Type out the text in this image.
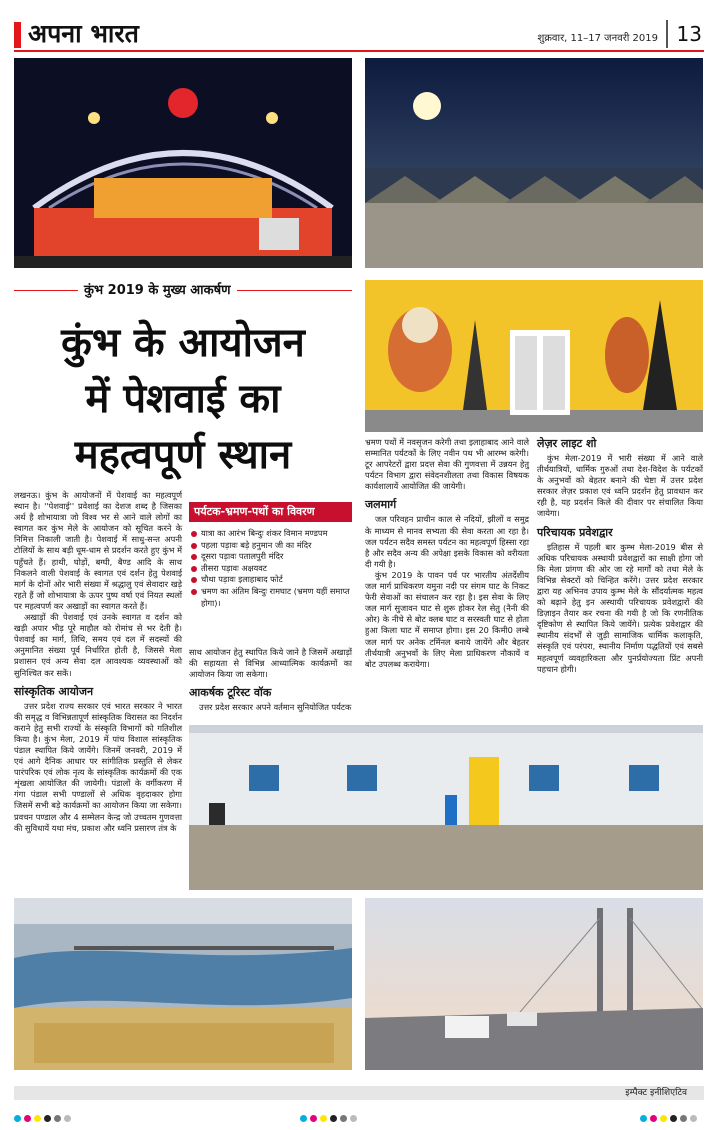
अपना भारत	शुक्रवार, 11–17 जनवरी 2019 13
कुंभ 2019 के मुख्य आकर्षण
कुंभ के आयोजन
में पेशवाई का
महत्वपूर्ण स्थान

लखनऊ। कुंभ के आयोजनों में पेशवाई का महत्वपूर्ण स्थान है। ''पेशवाई'' प्रवेशाई का देशज शब्द है जिसका अर्थ है शोभायात्रा जो विश्व भर से आने वाले लोगों का स्वागत कर कुंभ मेले के आयोजन को सूचित करने के निमित्त निकाली जाती है। पेशवाई में साधु-सन्त अपनी टोलियों के साथ बड़ी धूम-धाम से प्रदर्शन करते हुए कुंभ में पहुँचते हैं। हाथी, घोड़ों, बग्घी, बैण्ड आदि के साथ निकलने वाली पेशवाई के स्वागत एवं दर्शन हेतु पेशवाई मार्ग के दोनों ओर भारी संख्या में श्रद्धालु एवं सेवादार खड़े रहते हैं जो शोभायात्रा के ऊपर पुष्प वर्षा एवं नियत स्थलों पर महत्वपर्ण कर अखाड़ों का स्वागत करते हैं।

अखाड़ों की पेशवाई एवं उनके स्वागत व दर्शन को खड़ी अपार भीड़ पूरे माहौल को रोमांच से भर देती है। पेशवाई का मार्ग, तिथि, समय एवं दल में सदस्यों की अनुमानित संख्या पूर्व निर्धारित होती है, जिससे मेला प्रशासन एवं अन्य सेवा दल आवश्यक व्यवस्थाओं को सुनिश्चित कर सकें।

सांस्कृतिक आयोजन

उत्तर प्रदेश राज्य सरकार एवं भारत सरकार ने भारत की समृद्ध व विभिन्नतापूर्ण सांस्कृतिक विरासत का निदर्शन कराने हेतु सभी राज्यों के संस्कृति विभागों को गतिशील किया है। कुंभ मेला, 2019 में पांच विशाल सांस्कृतिक पंडाल स्थापित किये जायेंगे। जिनमें जनवरी, 2019 में एवं आगे दैनिक आधार पर सांगीतिक प्रस्तुति से लेकर पारंपरिक एवं लोक नृत्य के सांस्कृतिक कार्यक्रमों की एक शृंखला आयोजित की जायेगी। पंडालों के वर्गीकरण में गंगा पंडाल सभी पण्डालों से अधिक वृहदाकार होगा जिसमें सभी बड़े कार्यक्रमों का आयोजन किया जा सकेगा। प्रवचन पण्डाल और 4 सम्मेलन केन्द्र जो उच्चतम गुणवत्ता की सुविधायें यथा मंच, प्रकाश और ध्वनि प्रसारण तंत्र के

पर्यटक-भ्रमण-पथों का विवरण
यात्रा का आरंभ बिन्दुः शंकर विमान मण्डपम
पहला पड़ावः बड़े हनुमान जी का मंदिर
दूसरा पड़ावः पतालपुरी मंदिर
तीसरा पड़ावः अक्षयवट
चौथा पड़ावः इलाहाबाद फोर्ट
भ्रमण का अंतिम बिन्दुः रामघाट (भ्रमण यहीं समाप्त होगा)।

साथ आयोजन हेतु स्थापित किये जाने है जिसमें अखाड़ों की सहायता से विभिन्न आध्यात्मिक कार्यक्रमों का आयोजन किया जा सकेगा।

आकर्षक टूरिस्ट वॉक

उत्तर प्रदेश सरकार अपने वर्तमान सुनियोजित पर्यटक

भ्रमण पथों में नवसृजन करेगी तथा इलाहाबाद आने वाले सम्मानित पर्यटकों के लिए नवीन पथ भी आरम्भ करेगी। टूर आपरेटरों द्वारा प्रदत्त सेवा की गुणवत्ता में उन्नयन हेतु पर्यटन विभाग द्वारा संवेदनशीलता तथा विकास विषयक कार्यशालायें आयोजित की जायेगी।

जलमार्ग

जल परिवहन प्राचीन काल से नदियों, झीलों व समुद्र के माध्यम से मानव सभ्यता की सेवा करता आ रहा है। जल पर्यटन सदैव समस्त पर्यटन का महत्वपूर्ण हिस्सा रहा है और सदैव अन्य की अपेक्षा इसके विकास को वरीयता दी गयी है।

कुंभ 2019 के पावन पर्व पर भारतीय अंतर्देशीय जल मार्ग प्राधिकरण यमुना नदी पर संगम घाट के निकट फेरी सेवाओं का संचालन कर रहा है। इस सेवा के लिए जल मार्ग सुजावन घाट से शुरू होकर रेल सेतु (नैनी की ओर) के नीचे से बोट क्लब घाट व सरस्वती घाट से होता हुआ किला घाट में समाप्त होगा। इस 20 किमी0 लम्बे जल मार्ग पर अनेक टर्मिनल बनाये जायेंगे और बेहतर तीर्थयात्री अनुभवों के लिए मेला प्राधिकरण नौकायें व बोट उपलब्ध करायेगा।

लेज़र लाइट शो

कुंभ मेला-2019 में भारी संख्या में आने वाले तीर्थयात्रियों, धार्मिक गुरुओं तथा देश-विदेश के पर्यटकों के अनुभवों को बेहतर बनाने की चेष्टा में उत्तर प्रदेश सरकार लेज़र प्रकाश एवं ध्वनि प्रदर्शन हेतु प्रावधान कर रही है, यह प्रदर्शन किले की दीवार पर संचालित किया जायेगा।

परिचायक प्रवेशद्वार

इतिहास में पहली बार कुम्भ मेला-2019 बीस से अधिक परिचायक अस्थायी प्रवेशद्वारों का साक्षी होगा जो कि मेला प्रांगण की ओर जा रहे मार्गों को तथा मेले के विभिन्न सेक्टरों को चिन्हित करेंगे। उत्तर प्रदेश सरकार द्वारा यह अभिनव उपाय कुम्भ मेले के सौंदर्यात्मक महत्व को बढ़ाने हेतु इन अस्थायी परिचायक प्रवेशद्वारों की डिज़ाइन तैयार कर रचना की गयी है जो कि रणनीतिक दृष्टिकोण से स्थापित किये जायेंगे। प्रत्येक प्रवेशद्वार की स्थानीय संदर्भों से जुड़ी सामाजिक धार्मिक कलाकृति, संस्कृति एवं परंपरा, स्थानीय निर्माण पद्धतियों एवं सबसे महत्वपूर्ण व्यवहारिकता और पुनर्प्रयोज्यता प्रिंट अपनी पहचान होगी।

इम्पैक्ट इनीशिएटिव
